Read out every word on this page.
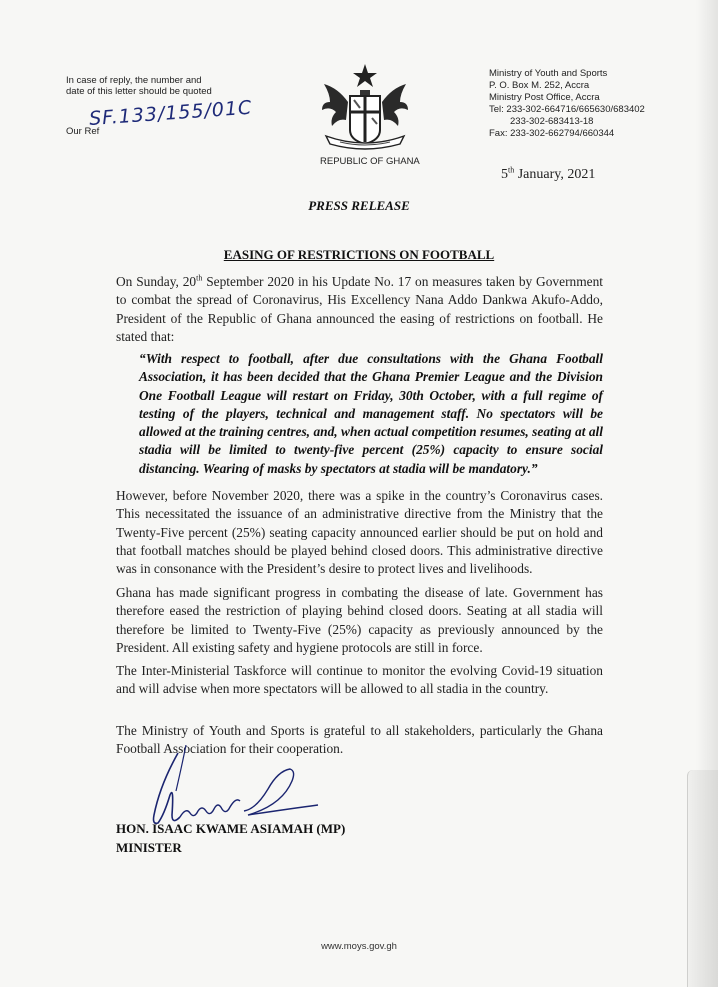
In case of reply, the number and
date of this letter should be quoted
Our Ref
SF.133/155/01C
REPUBLIC OF GHANA
Ministry of Youth and Sports
P. O. Box M. 252, Accra
Ministry Post Office, Accra
Tel: 233-302-664716/665630/683402
233-302-683413-18
Fax: 233-302-662794/660344
5th January, 2021
PRESS RELEASE
EASING OF RESTRICTIONS ON FOOTBALL
On Sunday, 20th September 2020 in his Update No. 17 on measures taken by Government to combat the spread of Coronavirus, His Excellency Nana Addo Dankwa Akufo-Addo, President of the Republic of Ghana announced the easing of restrictions on football. He stated that:
“With respect to football, after due consultations with the Ghana Football Association, it has been decided that the Ghana Premier League and the Division One Football League will restart on Friday, 30th October, with a full regime of testing of the players, technical and management staff. No spectators will be allowed at the training centres, and, when actual competition resumes, seating at all stadia will be limited to twenty-five percent (25%) capacity to ensure social distancing. Wearing of masks by spectators at stadia will be mandatory.”
However, before November 2020, there was a spike in the country’s Coronavirus cases. This necessitated the issuance of an administrative directive from the Ministry that the Twenty-Five percent (25%) seating capacity announced earlier should be put on hold and that football matches should be played behind closed doors. This administrative directive was in consonance with the President’s desire to protect lives and livelihoods.
Ghana has made significant progress in combating the disease of late. Government has therefore eased the restriction of playing behind closed doors. Seating at all stadia will therefore be limited to Twenty-Five (25%) capacity as previously announced by the President. All existing safety and hygiene protocols are still in force.
The Inter-Ministerial Taskforce will continue to monitor the evolving Covid-19 situation and will advise when more spectators will be allowed to all stadia in the country.
The Ministry of Youth and Sports is grateful to all stakeholders, particularly the Ghana Football Association for their cooperation.
HON. ISAAC KWAME ASIAMAH (MP)
MINISTER
www.moys.gov.gh
